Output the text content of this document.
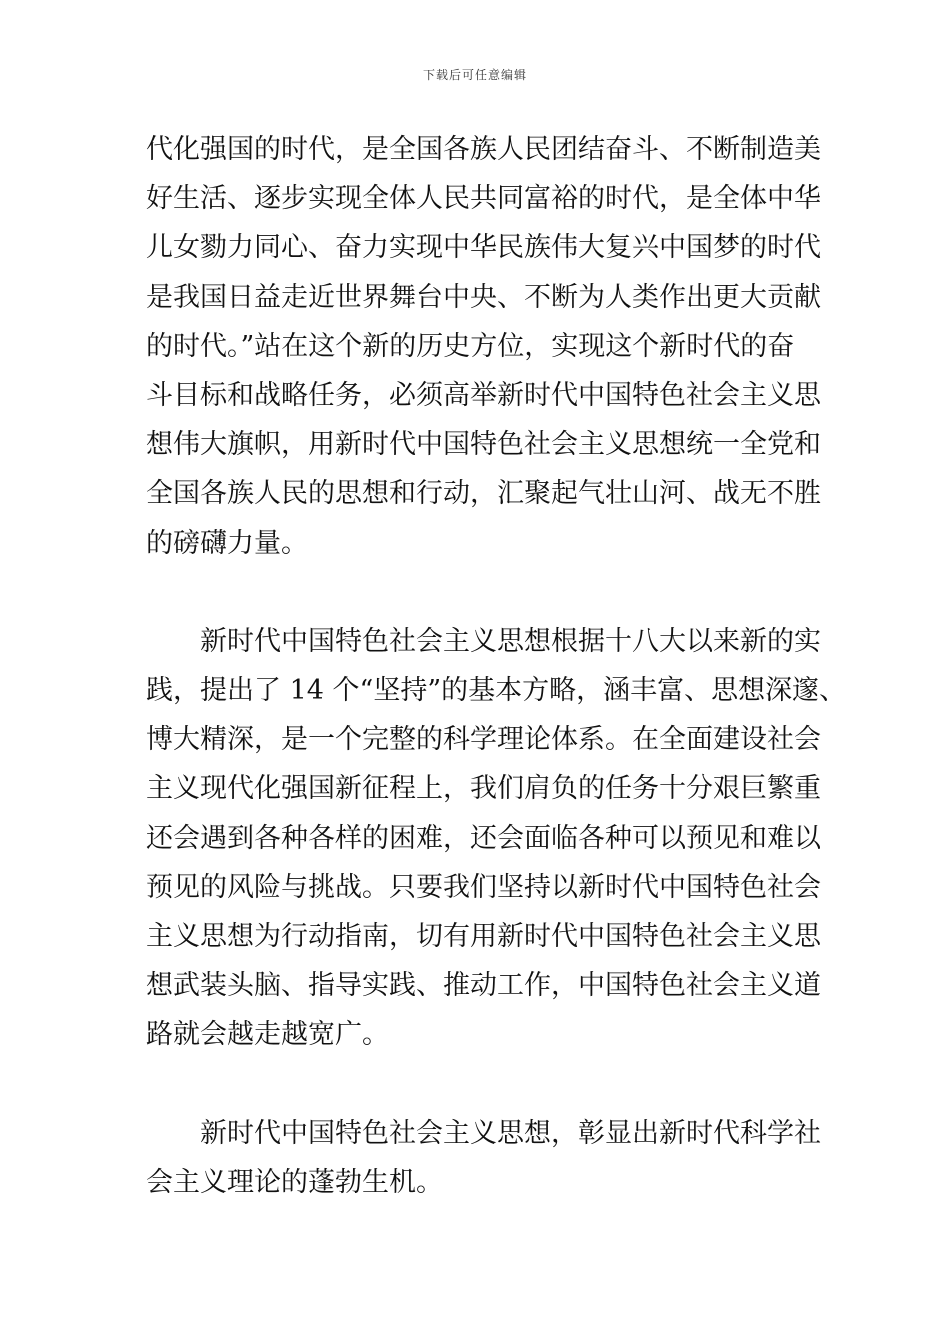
下载后可任意编辑
代化强国的时代，是全国各族人民团结奋斗、不断制造美
好生活、逐步实现全体人民共同富裕的时代，是全体中华
儿女勠力同心、奋力实现中华民族伟大复兴中国梦的时代
是我国日益走近世界舞台中央、不断为人类作出更大贡献
的时代。”站在这个新的历史方位，实现这个新时代的奋
斗目标和战略任务，必须高举新时代中国特色社会主义思
想伟大旗帜，用新时代中国特色社会主义思想统一全党和
全国各族人民的思想和行动，汇聚起气壮山河、战无不胜
的磅礴力量。
新时代中国特色社会主义思想根据十八大以来新的实
践，提出了 14 个“坚持”的基本方略，涵丰富、思想深邃、
博大精深，是一个完整的科学理论体系。在全面建设社会
主义现代化强国新征程上，我们肩负的任务十分艰巨繁重
还会遇到各种各样的困难，还会面临各种可以预见和难以
预见的风险与挑战。只要我们坚持以新时代中国特色社会
主义思想为行动指南，切有用新时代中国特色社会主义思
想武装头脑、指导实践、推动工作，中国特色社会主义道
路就会越走越宽广。
新时代中国特色社会主义思想，彰显出新时代科学社
会主义理论的蓬勃生机。
